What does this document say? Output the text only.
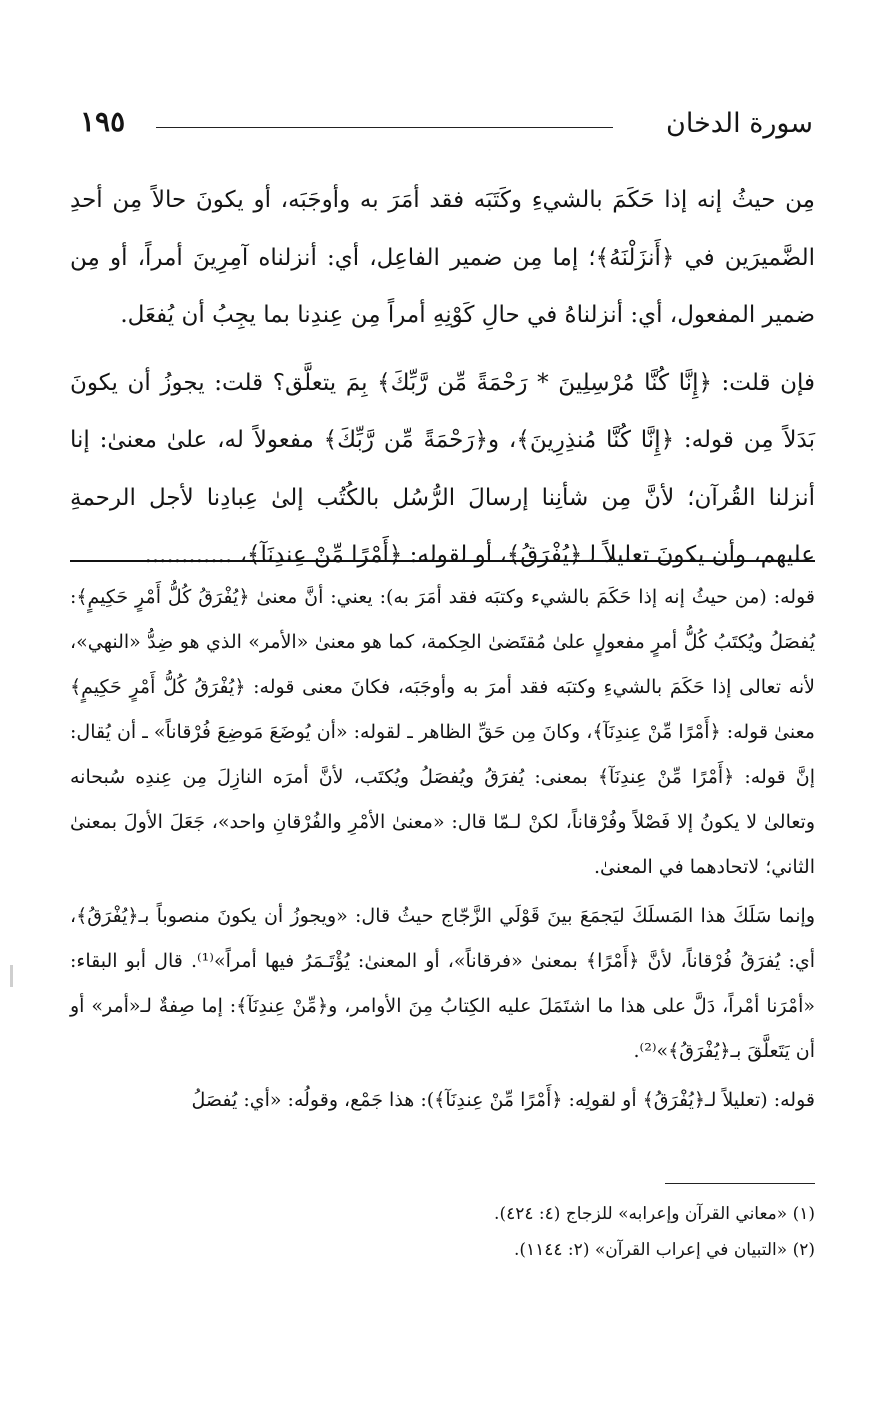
سورة الدخان
١٩٥

مِن حيثُ إنه إذا حَكَمَ بالشيءِ وكَتَبَه فقد أمَرَ به وأوجَبَه، أو يكونَ حالاً مِن أحدِ الضَّميرَين في ﴿أَنزَلْنَهُ﴾؛ إما مِن ضمير الفاعِل، أي: أنزلناه آمِرِينَ أمراً، أو مِن ضمير المفعول، أي: أنزلناهُ في حالِ كَوْنِهِ أمراً مِن عِندِنا بما يجِبُ أن يُفعَل.

فإن قلت: ﴿إِنَّا كُنَّا مُرْسِلِينَ * رَحْمَةً مِّن رَّبِّكَ﴾ بِمَ يتعلَّق؟ قلت: يجوزُ أن يكونَ بَدَلاً مِن قوله: ﴿إِنَّا كُنَّا مُنذِرِينَ﴾، و﴿رَحْمَةً مِّن رَّبِّكَ﴾ مفعولاً له، علىٰ معنىٰ: إنا أنزلنا القُرآن؛ لأنَّ مِن شأنِنا إرسالَ الرُّسُل بالكُتُب إلىٰ عِبادِنا لأجل الرحمةِ عليهم، وأن يكونَ تعليلاً لـ﴿يُفْرَقُ﴾، أو لقوله: ﴿أَمْرًا مِّنْ عِندِنَآ﴾، ............

قوله: (من حيثُ إنه إذا حَكَمَ بالشيء وكتبَه فقد أمَرَ به): يعني: أنَّ معنىٰ ﴿يُفْرَقُ كُلُّ أَمْرٍ حَكِيمٍ﴾: يُفصَلُ ويُكتَبُ كُلُّ أمرٍ مفعولٍ علىٰ مُقتَضىٰ الحِكمة، كما هو معنىٰ «الأمر» الذي هو ضِدُّ «النهي»، لأنه تعالى إذا حَكَمَ بالشيءِ وكتبَه فقد أمرَ به وأوجَبَه، فكانَ معنى قوله: ﴿يُفْرَقُ كُلُّ أَمْرٍ حَكِيمٍ﴾ معنىٰ قوله: ﴿أَمْرًا مِّنْ عِندِنَآ﴾، وكانَ مِن حَقِّ الظاهر ـ لقوله: «أن يُوضَعَ مَوضِعَ فُرْقاناً» ـ أن يُقال: إنَّ قوله: ﴿أَمْرًا مِّنْ عِندِنَآ﴾ بمعنى: يُفرَقُ ويُفصَلُ ويُكتَب، لأنَّ أمرَه النازِلَ مِن عِندِه سُبحانه وتعالىٰ لا يكونُ إلا فَصْلاً وفُرْقاناً، لكنْ لـمّا قال: «معنىٰ الأمْرِ والفُرْقانِ واحد»، جَعَلَ الأولَ بمعنىٰ الثاني؛ لاتحادهما في المعنىٰ.

وإنما سَلَكَ هذا المَسلَكَ ليَجمَعَ بينَ قَوْلَي الزَّجّاج حيثُ قال: «ويجوزُ أن يكونَ منصوباً بـ﴿يُفْرَقُ﴾، أي: يُفرَقُ فُرْقاناً، لأنَّ ﴿أَمْرًا﴾ بمعنىٰ «فرقاناً»، أو المعنىٰ: يُؤْتَـمَرُ فيها أمراً»⁽¹⁾. قال أبو البقاء: «أمْرَنا أمْراً، دَلَّ على هذا ما اشتَمَلَ عليه الكِتابُ مِنَ الأوامر، و﴿مِّنْ عِندِنَآ﴾: إما صِفةٌ لـ«أمر» أو أن يَتَعلَّقَ بـ﴿يُفْرَقُ﴾»⁽²⁾.

قوله: (تعليلاً لـ﴿يُفْرَقُ﴾ أو لقولِه: ﴿أَمْرًا مِّنْ عِندِنَآ﴾): هذا جَمْع، وقولُه: «أي: يُفصَلُ

(١) «معاني القرآن وإعرابه» للزجاج (٤: ٤٢٤).

(٢) «التبيان في إعراب القرآن» (٢: ١١٤٤).
